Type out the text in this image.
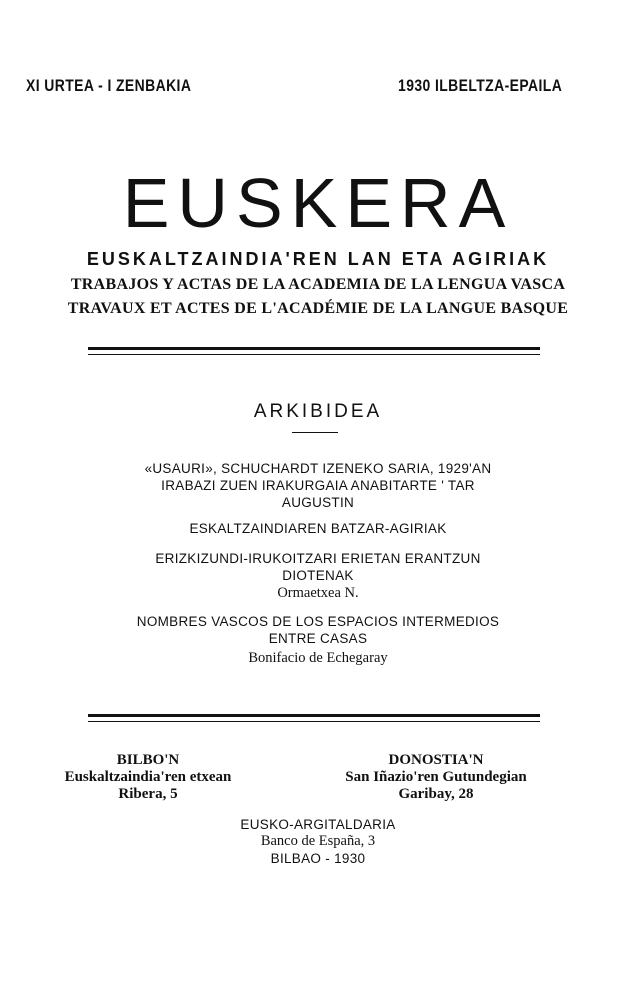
XI URTEA - I ZENBAKIA	1930 ILBELTZA-EPAILA
EUSKERA
EUSKALTZAINDIA'REN LAN ETA AGIRIAK
TRABAJOS Y ACTAS DE LA ACADEMIA DE LA LENGUA VASCA
TRAVAUX ET ACTES DE L'ACADÉMIE DE LA LANGUE BASQUE
ARKIBIDEA
«USAURI», SCHUCHARDT IZENEKO SARIA, 1929'AN
IRABAZI ZUEN IRAKURGAIA ANABITARTE ' TAR
AUGUSTIN
ESKALTZAINDIAREN BATZAR-AGIRIAK
ERIZKIZUNDI-IRUKOITZARI ERIETAN ERANTZUN
DIOTENAK
Ormaetxea N.
NOMBRES VASCOS DE LOS ESPACIOS INTERMEDIOS
ENTRE CASAS
Bonifacio de Echegaray
BILBO'N
Euskaltzaindia'ren etxean
Ribera, 5
DONOSTIA'N
San Iñazio'ren Gutundegian
Garibay, 28
EUSKO-ARGITALDARIA
Banco de España, 3
BILBAO - 1930
